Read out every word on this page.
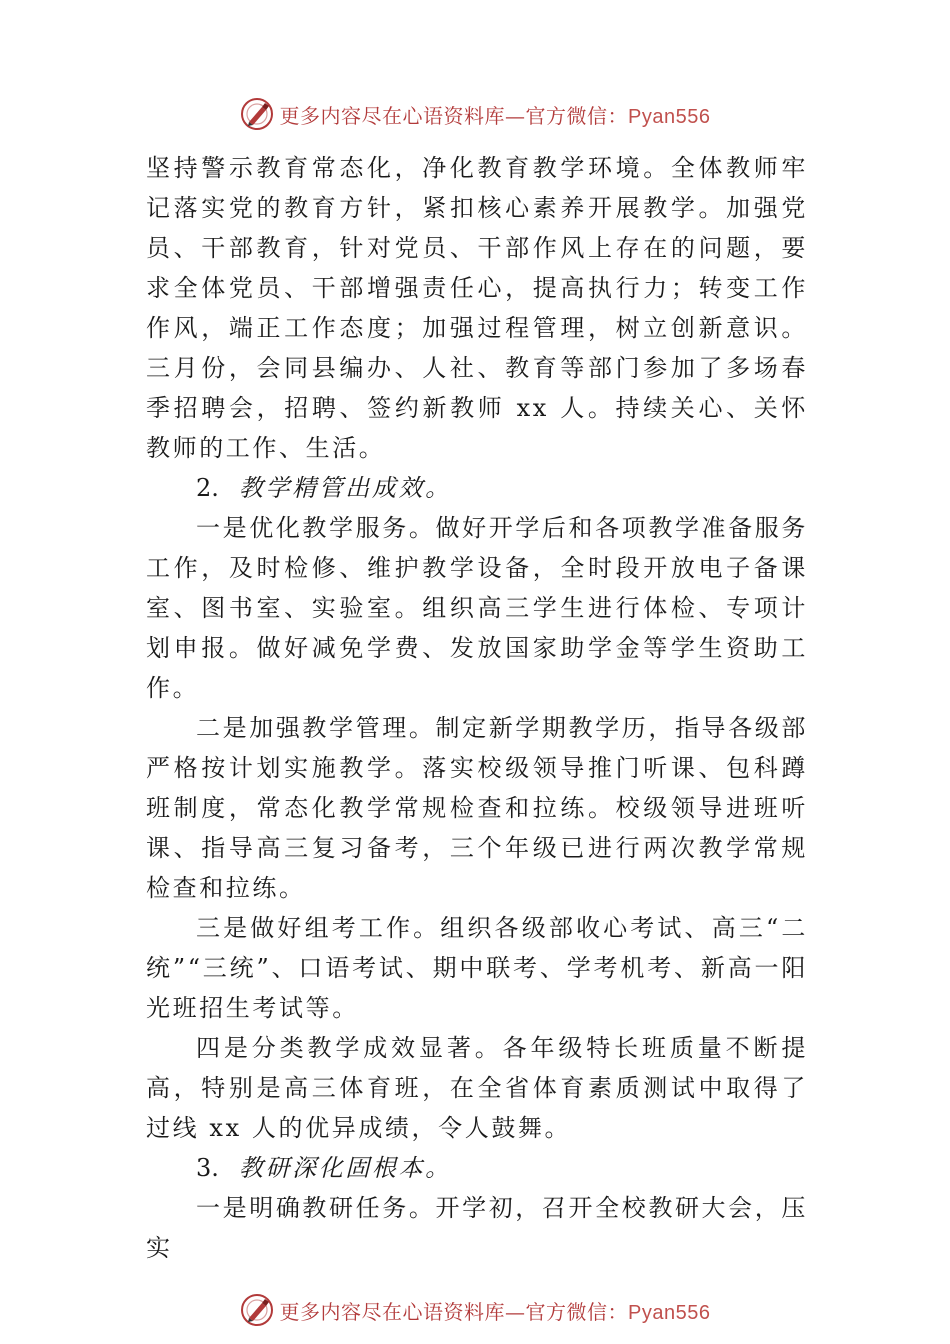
更多内容尽在心语资料库—官方微信：Pyan556

坚持警示教育常态化，净化教育教学环境。全体教师牢记落实党的教育方针，紧扣核心素养开展教学。加强党员、干部教育，针对党员、干部作风上存在的问题，要求全体党员、干部增强责任心，提高执行力；转变工作作风，端正工作态度；加强过程管理，树立创新意识。三月份，会同县编办、人社、教育等部门参加了多场春季招聘会，招聘、签约新教师 xx 人。持续关心、关怀教师的工作、生活。

2. 教学精管出成效。

一是优化教学服务。做好开学后和各项教学准备服务工作，及时检修、维护教学设备，全时段开放电子备课室、图书室、实验室。组织高三学生进行体检、专项计划申报。做好减免学费、发放国家助学金等学生资助工作。

二是加强教学管理。制定新学期教学历，指导各级部严格按计划实施教学。落实校级领导推门听课、包科蹲班制度，常态化教学常规检查和拉练。校级领导进班听课、指导高三复习备考，三个年级已进行两次教学常规检查和拉练。

三是做好组考工作。组织各级部收心考试、高三“二统”“三统”、口语考试、期中联考、学考机考、新高一阳光班招生考试等。

四是分类教学成效显著。各年级特长班质量不断提高，特别是高三体育班，在全省体育素质测试中取得了过线 xx 人的优异成绩，令人鼓舞。

3. 教研深化固根本。

一是明确教研任务。开学初，召开全校教研大会，压实

更多内容尽在心语资料库—官方微信：Pyan556
